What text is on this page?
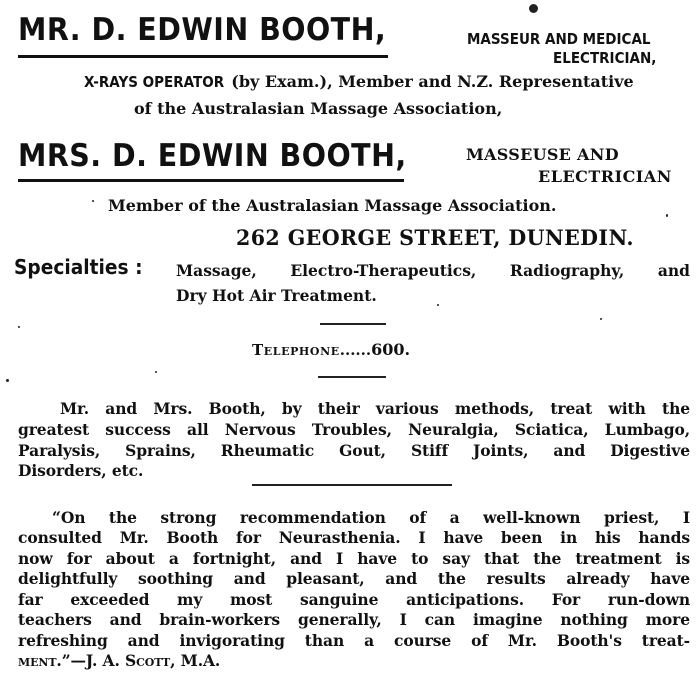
MR. D. EDWIN BOOTH,	MASSEUR AND MEDICAL
ELECTRICIAN,
X-RAYS OPERATOR (by Exam.), Member and N.Z. Representative
of the Australasian Massage Association,
MRS. D. EDWIN BOOTH,	MASSEUSE AND
ELECTRICIAN
Member of the Australasian Massage Association.
262 GEORGE STREET, DUNEDIN.
Specialties : Massage, Electro-Therapeutics, Radiography, and
Dry Hot Air Treatment.
Telephone......600.
Mr. and Mrs. Booth, by their various methods, treat with the
greatest success all Nervous Troubles, Neuralgia, Sciatica, Lumbago,
Paralysis, Sprains, Rheumatic Gout, Stiff Joints, and Digestive
Disorders, etc.
“On the strong recommendation of a well-known priest, I
consulted Mr. Booth for Neurasthenia. I have been in his hands
now for about a fortnight, and I have to say that the treatment is
delightfully soothing and pleasant, and the results already have
far exceeded my most sanguine anticipations. For run-down
teachers and brain-workers generally, I can imagine nothing more
refreshing and invigorating than a course of Mr. Booth's treat-
ment.”—J. A. Scott, M.A.
